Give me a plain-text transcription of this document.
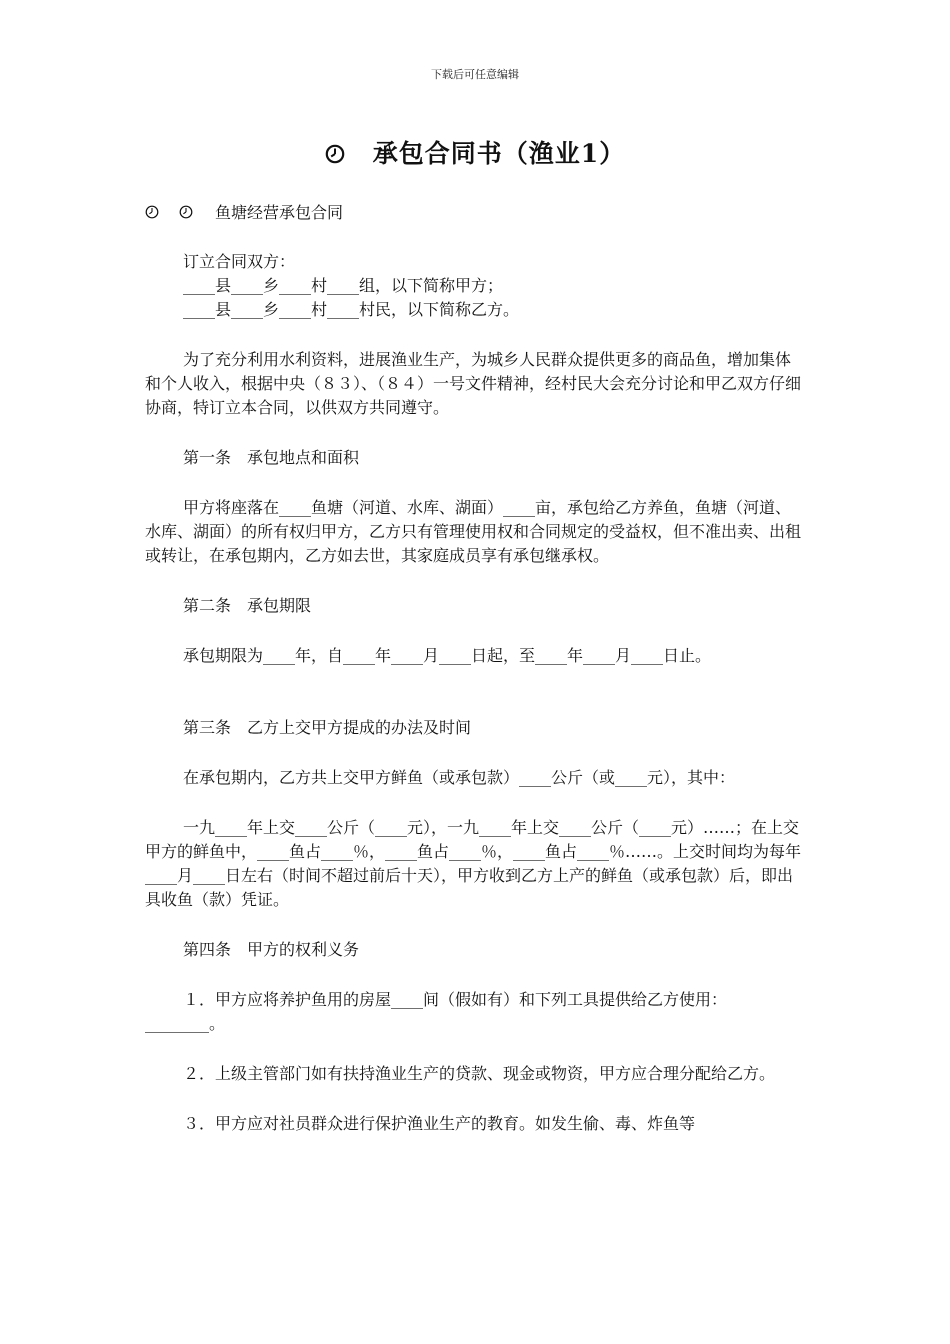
下载后可任意编辑
承包合同书（渔业1）
鱼塘经营承包合同

订立合同双方：

____县____乡____村____组，以下简称甲方；

____县____乡____村____村民，以下简称乙方。

为了充分利用水利资料，进展渔业生产，为城乡人民群众提供更多的商品鱼，增加集体和个人收入，根据中央（８３）、（８４）一号文件精神，经村民大会充分讨论和甲乙双方仔细协商，特订立本合同，以供双方共同遵守。

第一条　承包地点和面积

甲方将座落在____鱼塘（河道、水库、湖面）____亩，承包给乙方养鱼，鱼塘（河道、水库、湖面）的所有权归甲方，乙方只有管理使用权和合同规定的受益权，但不准出卖、出租或转让，在承包期内，乙方如去世，其家庭成员享有承包继承权。

第二条　承包期限

承包期限为____年，自____年____月____日起，至____年____月____日止。

第三条　乙方上交甲方提成的办法及时间

在承包期内，乙方共上交甲方鲜鱼（或承包款）____公斤（或____元），其中：

一九____年上交____公斤（____元），一九____年上交____公斤（____元）……；在上交甲方的鲜鱼中，____鱼占____％，____鱼占____％，____鱼占____％……。上交时间均为每年____月____日左右（时间不超过前后十天），甲方收到乙方上产的鲜鱼（或承包款）后，即出具收鱼（款）凭证。

第四条　甲方的权利义务

１．甲方应将养护鱼用的房屋____间（假如有）和下列工具提供给乙方使用：________。

２．上级主管部门如有扶持渔业生产的贷款、现金或物资，甲方应合理分配给乙方。

３．甲方应对社员群众进行保护渔业生产的教育。如发生偷、毒、炸鱼等
